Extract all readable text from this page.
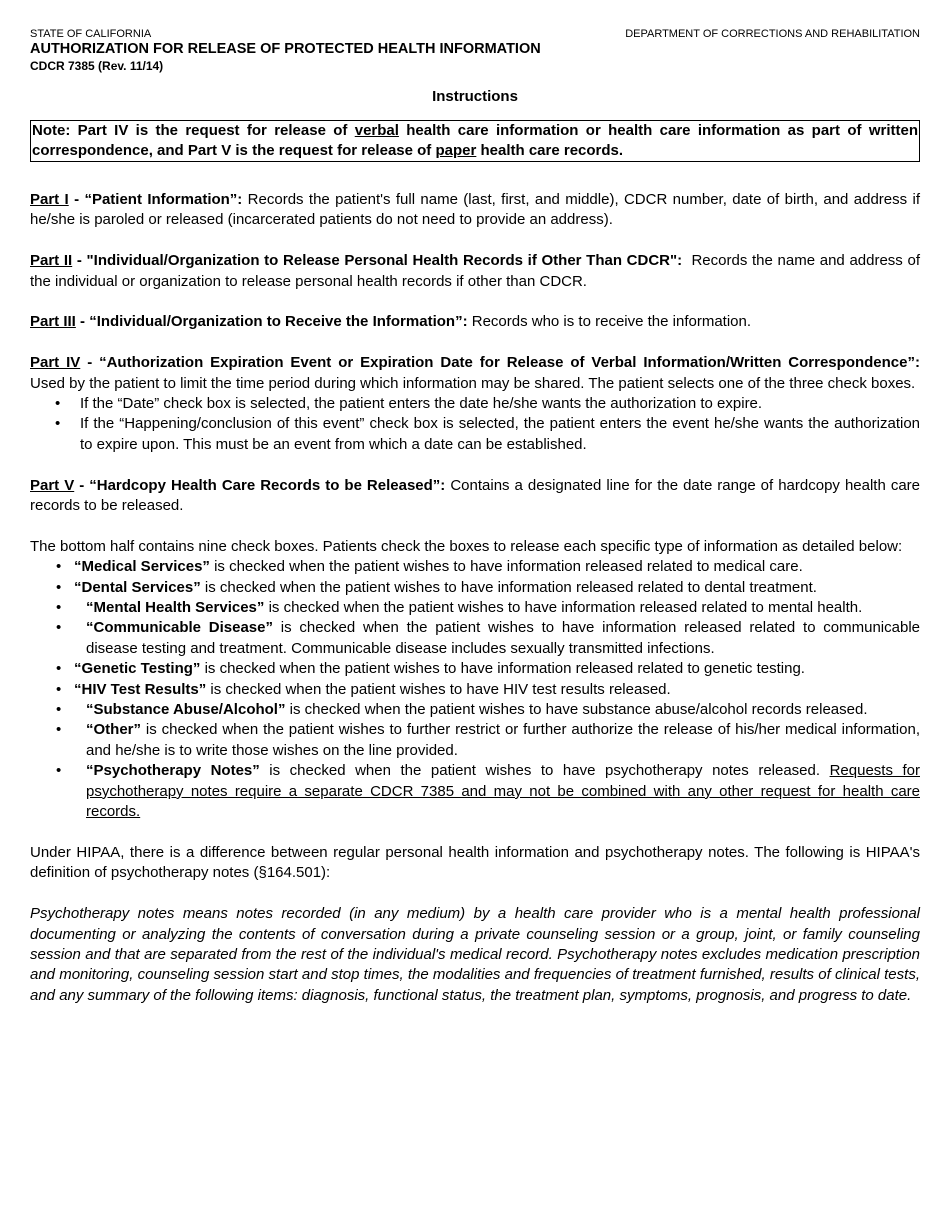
STATE OF CALIFORNIA	DEPARTMENT OF CORRECTIONS AND REHABILITATION
AUTHORIZATION FOR RELEASE OF PROTECTED HEALTH INFORMATION
CDCR 7385 (Rev. 11/14)
Instructions
Note: Part IV is the request for release of verbal health care information or health care information as part of written correspondence, and Part V is the request for release of paper health care records.

Part I - “Patient Information”: Records the patient's full name (last, first, and middle), CDCR number, date of birth, and address if he/she is paroled or released (incarcerated patients do not need to provide an address).

Part II - "Individual/Organization to Release Personal Health Records if Other Than CDCR":  Records the name and address of the individual or organization to release personal health records if other than CDCR.

Part III - “Individual/Organization to Receive the Information”: Records who is to receive the information.

Part IV - “Authorization Expiration Event or Expiration Date for Release of Verbal Information/Written Correspondence”: Used by the patient to limit the time period during which information may be shared. The patient selects one of the three check boxes.

• If the “Date” check box is selected, the patient enters the date he/she wants the authorization to expire.
• If the “Happening/conclusion of this event” check box is selected, the patient enters the event he/she wants the authorization to expire upon. This must be an event from which a date can be established.

Part V - “Hardcopy Health Care Records to be Released”: Contains a designated line for the date range of hardcopy health care records to be released.

The bottom half contains nine check boxes. Patients check the boxes to release each specific type of information as detailed below:

• “Medical Services” is checked when the patient wishes to have information released related to medical care.
• “Dental Services” is checked when the patient wishes to have information released related to dental treatment.
• “Mental Health Services” is checked when the patient wishes to have information released related to mental health.
• “Communicable Disease” is checked when the patient wishes to have information released related to communicable disease testing and treatment. Communicable disease includes sexually transmitted infections.
• “Genetic Testing” is checked when the patient wishes to have information released related to genetic testing.
• “HIV Test Results” is checked when the patient wishes to have HIV test results released.
• “Substance Abuse/Alcohol” is checked when the patient wishes to have substance abuse/alcohol records released.
• “Other” is checked when the patient wishes to further restrict or further authorize the release of his/her medical information, and he/she is to write those wishes on the line provided.
• “Psychotherapy Notes” is checked when the patient wishes to have psychotherapy notes released. Requests for psychotherapy notes require a separate CDCR 7385 and may not be combined with any other request for health care records.

Under HIPAA, there is a difference between regular personal health information and psychotherapy notes. The following is HIPAA's definition of psychotherapy notes (§164.501):

Psychotherapy notes means notes recorded (in any medium) by a health care provider who is a mental health professional documenting or analyzing the contents of conversation during a private counseling session or a group, joint, or family counseling session and that are separated from the rest of the individual's medical record. Psychotherapy notes excludes medication prescription and monitoring, counseling session start and stop times, the modalities and frequencies of treatment furnished, results of clinical tests, and any summary of the following items: diagnosis, functional status, the treatment plan, symptoms, prognosis, and progress to date.
